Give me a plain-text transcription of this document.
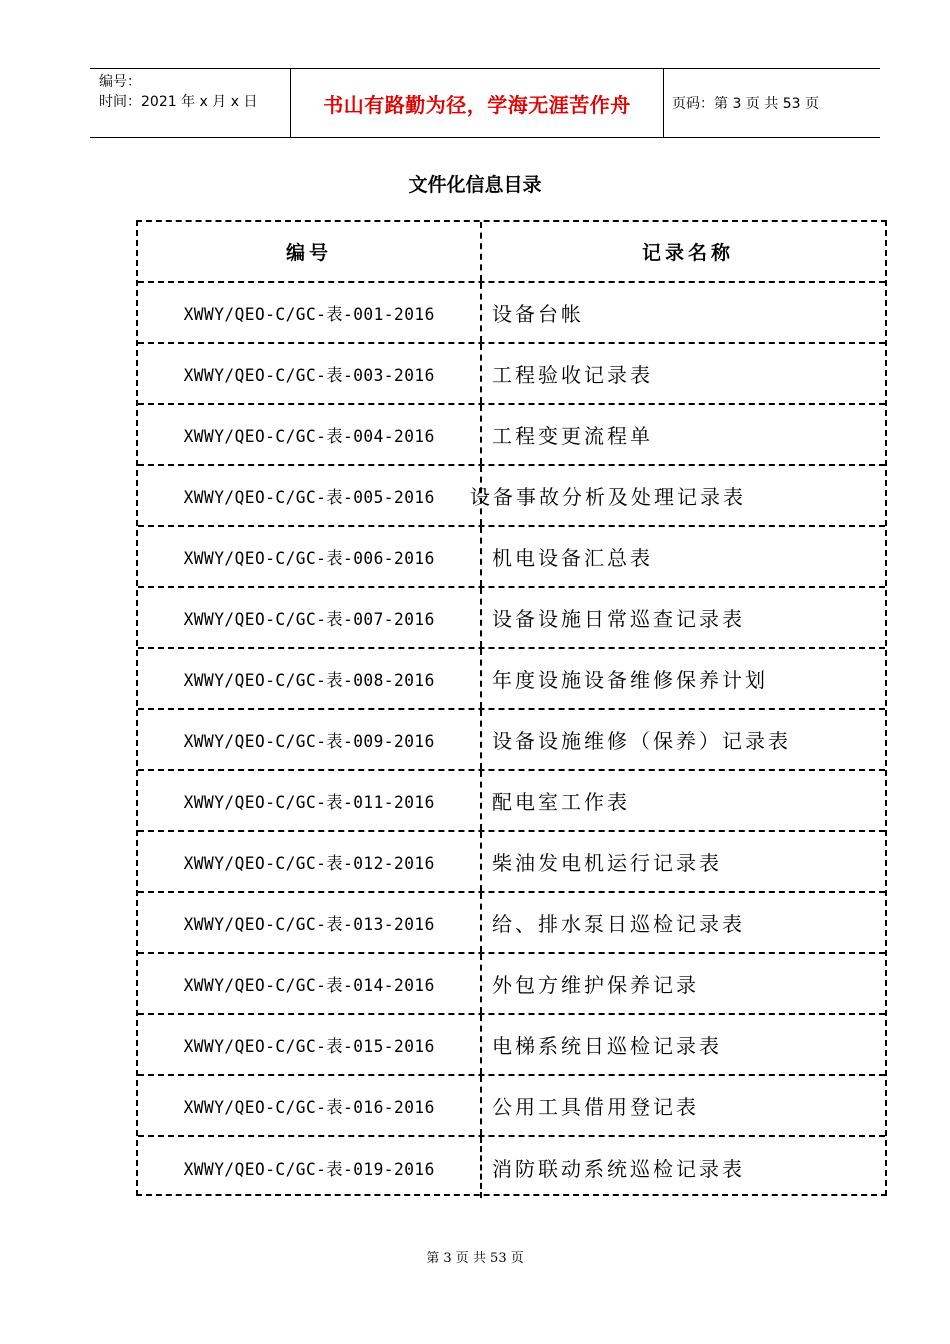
编号：
时间：2021 年 x 月 x 日	书山有路勤为径，学海无涯苦作舟	页码：第 3 页 共 53 页
文件化信息目录
编号	记录名称
XWWY/QEO-C/GC-表-001-2016	设备台帐
XWWY/QEO-C/GC-表-003-2016	工程验收记录表
XWWY/QEO-C/GC-表-004-2016	工程变更流程单
XWWY/QEO-C/GC-表-005-2016 设备事故分析及处理记录表
XWWY/QEO-C/GC-表-006-2016	机电设备汇总表
XWWY/QEO-C/GC-表-007-2016	设备设施日常巡查记录表
XWWY/QEO-C/GC-表-008-2016	年度设施设备维修保养计划
XWWY/QEO-C/GC-表-009-2016	设备设施维修（保养）记录表
XWWY/QEO-C/GC-表-011-2016	配电室工作表
XWWY/QEO-C/GC-表-012-2016	柴油发电机运行记录表
XWWY/QEO-C/GC-表-013-2016	给、排水泵日巡检记录表
XWWY/QEO-C/GC-表-014-2016	外包方维护保养记录
XWWY/QEO-C/GC-表-015-2016	电梯系统日巡检记录表
XWWY/QEO-C/GC-表-016-2016	公用工具借用登记表
XWWY/QEO-C/GC-表-019-2016	消防联动系统巡检记录表
第 3 页 共 53 页
